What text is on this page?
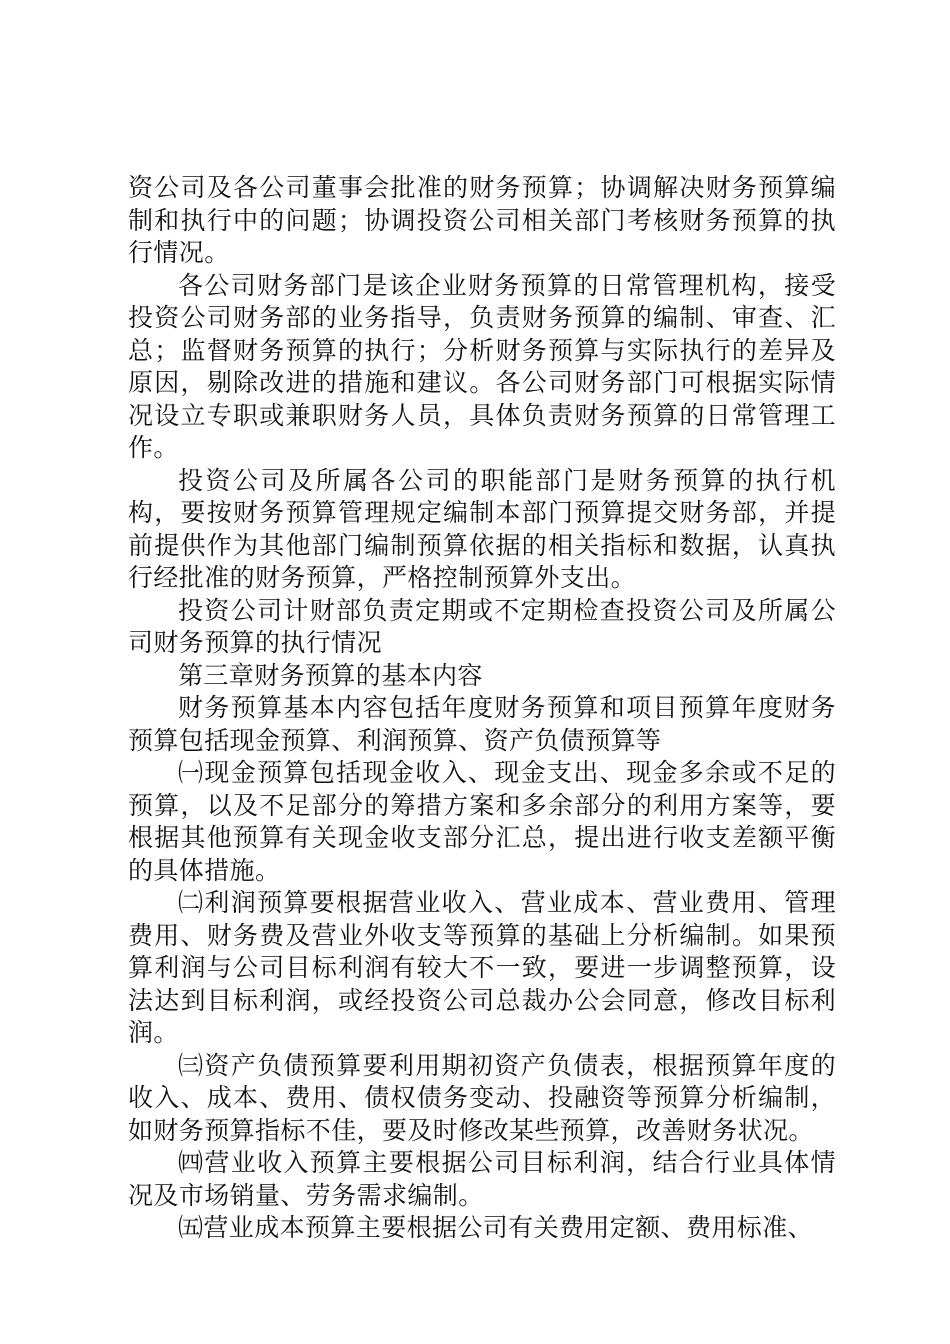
资公司及各公司董事会批准的财务预算；协调解决财务预算编制和执行中的问题；协调投资公司相关部门考核财务预算的执行情况。

各公司财务部门是该企业财务预算的日常管理机构，接受投资公司财务部的业务指导，负责财务预算的编制、审查、汇总；监督财务预算的执行；分析财务预算与实际执行的差异及原因，剔除改进的措施和建议。各公司财务部门可根据实际情况设立专职或兼职财务人员，具体负责财务预算的日常管理工作。

投资公司及所属各公司的职能部门是财务预算的执行机构，要按财务预算管理规定编制本部门预算提交财务部，并提前提供作为其他部门编制预算依据的相关指标和数据，认真执行经批准的财务预算，严格控制预算外支出。

投资公司计财部负责定期或不定期检查投资公司及所属公司财务预算的执行情况

第三章财务预算的基本内容

财务预算基本内容包括年度财务预算和项目预算年度财务预算包括现金预算、利润预算、资产负债预算等

㈠现金预算包括现金收入、现金支出、现金多余或不足的预算，以及不足部分的筹措方案和多余部分的利用方案等，要根据其他预算有关现金收支部分汇总，提出进行收支差额平衡的具体措施。

㈡利润预算要根据营业收入、营业成本、营业费用、管理费用、财务费及营业外收支等预算的基础上分析编制。如果预算利润与公司目标利润有较大不一致，要进一步调整预算，设法达到目标利润，或经投资公司总裁办公会同意，修改目标利润。

㈢资产负债预算要利用期初资产负债表，根据预算年度的收入、成本、费用、债权债务变动、投融资等预算分析编制，如财务预算指标不佳，要及时修改某些预算，改善财务状况。

㈣营业收入预算主要根据公司目标利润，结合行业具体情况及市场销量、劳务需求编制。

㈤营业成本预算主要根据公司有关费用定额、费用标准、
